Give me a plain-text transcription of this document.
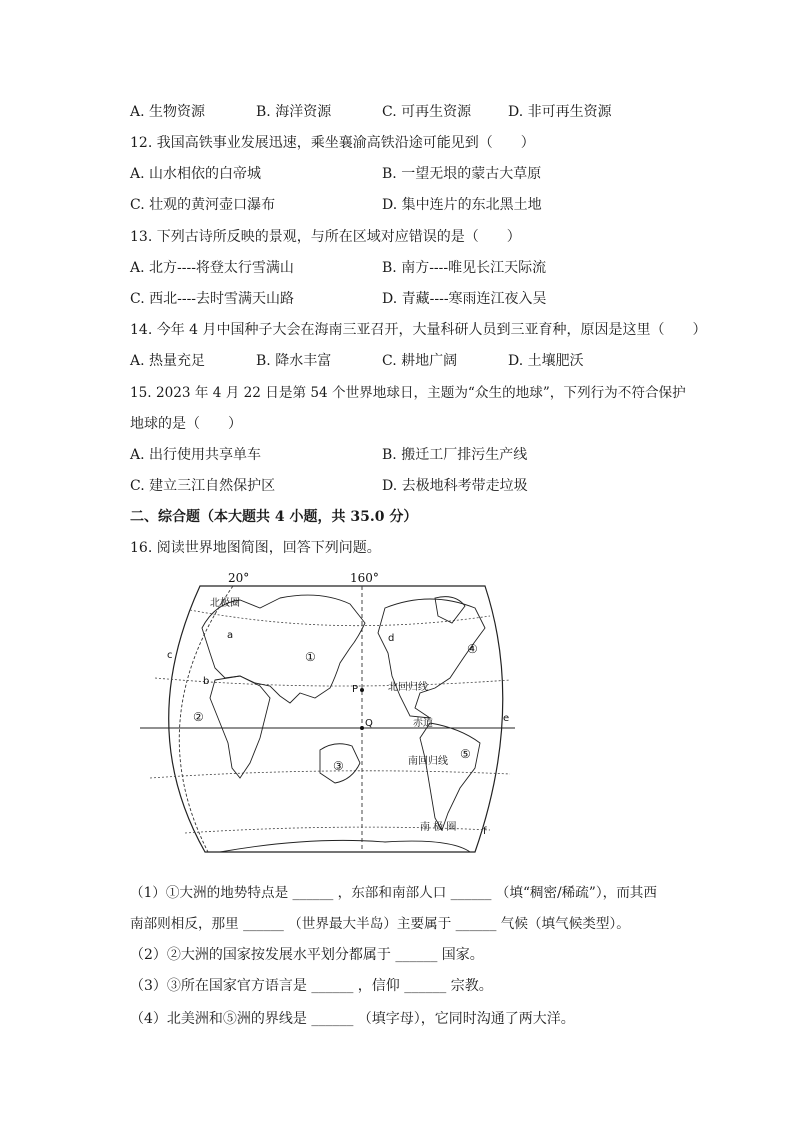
A. 生物资源	B. 海洋资源	C. 可再生资源	D. 非可再生资源
12. 我国高铁事业发展迅速，乘坐襄渝高铁沿途可能见到（　　）
A. 山水相依的白帝城	B. 一望无垠的蒙古大草原
C. 壮观的黄河壶口瀑布	D. 集中连片的东北黑土地
13. 下列古诗所反映的景观，与所在区域对应错误的是（　　）
A. 北方----将登太行雪满山	B. 南方----唯见长江天际流
C. 西北----去时雪满天山路	D. 青藏----寒雨连江夜入吴
14. 今年 4 月中国种子大会在海南三亚召开，大量科研人员到三亚育种，原因是这里（　　）
A. 热量充足	B. 降水丰富	C. 耕地广阔	D. 土壤肥沃
15. 2023 年 4 月 22 日是第 54 个世界地球日，主题为“众生的地球”，下列行为不符合保护
地球的是（　　）
A. 出行使用共享单车	B. 搬迁工厂排污生产线
C. 建立三江自然保护区	D. 去极地科考带走垃圾
二、综合题（本大题共 4 小题，共 35.0 分）
16. 阅读世界地图简图，回答下列问题。
20°	160°
北极圈
北回归线
赤道
南回归线
南 极 圈
①
②
③
④
⑤
a
b
c
d
e
f
P
Q
（1）①大洲的地势特点是 ______ ，东部和南部人口 ______ （填“稠密/稀疏”），而其西
南部则相反，那里 ______ （世界最大半岛）主要属于 ______ 气候（填气候类型）。
（2）②大洲的国家按发展水平划分都属于 ______ 国家。
（3）③所在国家官方语言是 ______ ，信仰 ______ 宗教。
（4）北美洲和⑤洲的界线是 ______ （填字母），它同时沟通了两大洋。
